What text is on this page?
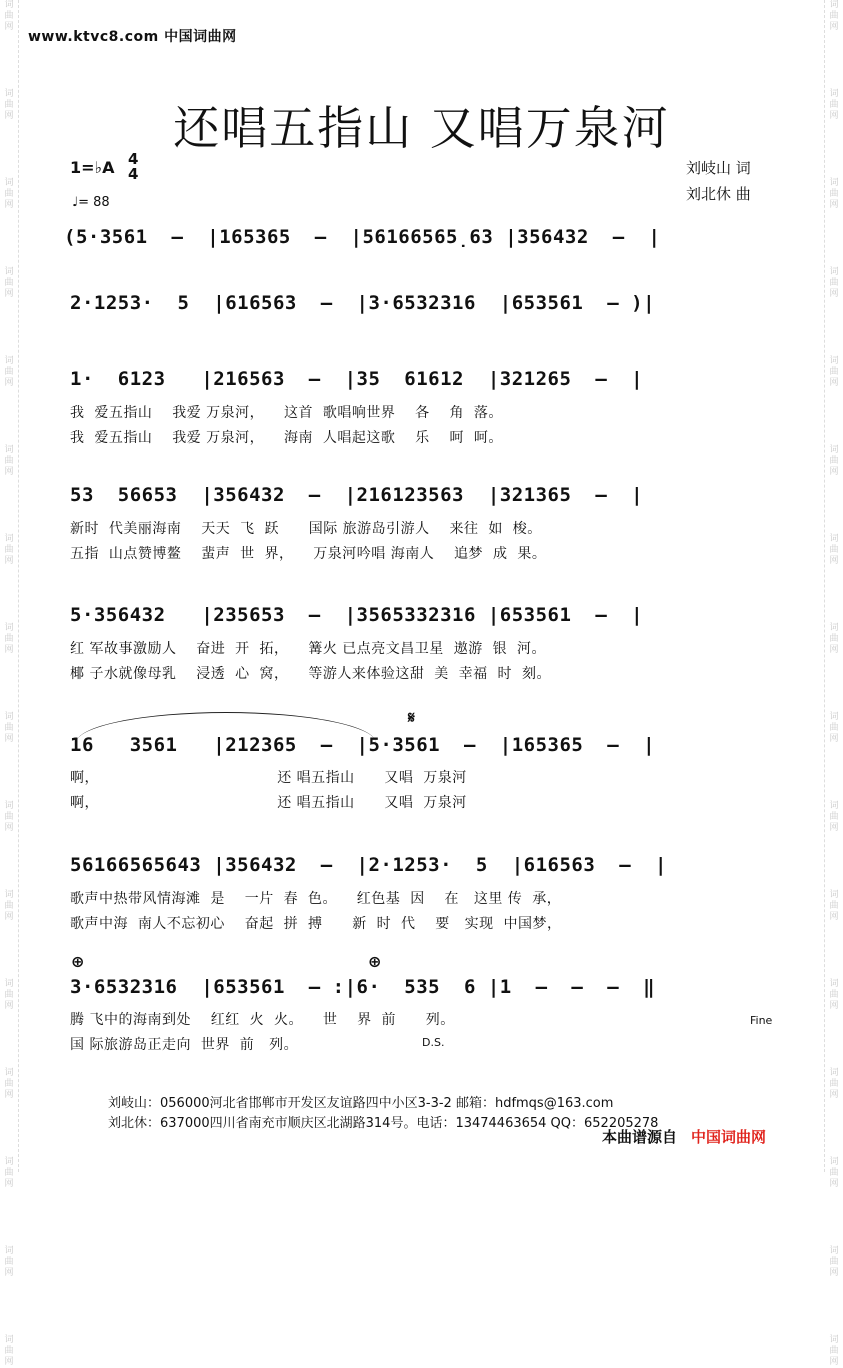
词
曲
网
词
曲
网
词
曲
网
词
曲
网
词
曲
网
词
曲
网
词
曲
网
词
曲
网
词
曲
网
词
曲
网
词
曲
网
词
曲
网
词
曲
网
词
曲
网
词
曲
网
词
曲
网
词
曲
网
词
曲
网
词
曲
网
词
曲
网
词
曲
网
词
曲
网
词
曲
网
词
曲
网
词
曲
网
词
曲
网
词
曲
网
词
曲
网
词
曲
网
词
曲
网
词
曲
网
词
曲
网
www.ktvc8.com 中国词曲网
还唱五指山 又唱万泉河
1=♭A 4
4
♩= 88
刘岐山 词
刘北休 曲
(5·3561  –  |165365  –  |56166565̣63 |356432  –  |
2·1253·  5  |616563  –  |3·6532316  |653561  – )|
1·  6123   |216563  –  |35  61612  |321265  –  |
我  爱五指山    我爱 万泉河，    这首  歌唱响世界    各    角  落。
我  爱五指山    我爱 万泉河，    海南  人唱起这歌    乐    呵  呵。
53  56653  |356432  –  |216123563  |321365  –  |
新时  代美丽海南    天天  飞  跃      国际 旅游岛引游人    来往  如  梭。
五指  山点赞博鳌    蜚声  世  界，    万泉河吟唱 海南人    追梦  成  果。
5·356432   |235653  –  |3565332316 |653561  –  |
红 军故事激励人    奋进  开  拓，    篝火 已点亮文昌卫星  遨游  银  河。
椰 子水就像母乳    浸透  心  窝，    等游人来体验这甜  美  幸福  时  刻。
𝄋
16   3561   |212365  –  |5·3561  –  |165365  –  |
啊，                                    还 唱五指山      又唱  万泉河
啊，                                    还 唱五指山      又唱  万泉河
56166565643 |356432  –  |2·1253·  5  |616563  –  |
歌声中热带风情海滩  是    一片  春  色。    红色基  因    在   这里 传  承，
歌声中海  南人不忘初心    奋起  拼  搏      新  时  代    要   实现  中国梦，
⊕	⊕
3·6532316  |653561  – :|6·  535  6 |1  –  –  –  ‖
腾 飞中的海南到处    红红  火  火。    世    界  前      列。
国 际旅游岛正走向  世界  前   列。
Fine
D.S.
刘岐山：056000河北省邯郸市开发区友谊路四中小区3-3-2 邮箱：hdfmqs@163.com
刘北休：637000四川省南充市顺庆区北湖路314号。电话：13474463654 QQ：652205278
本曲谱源自 中国词曲网
